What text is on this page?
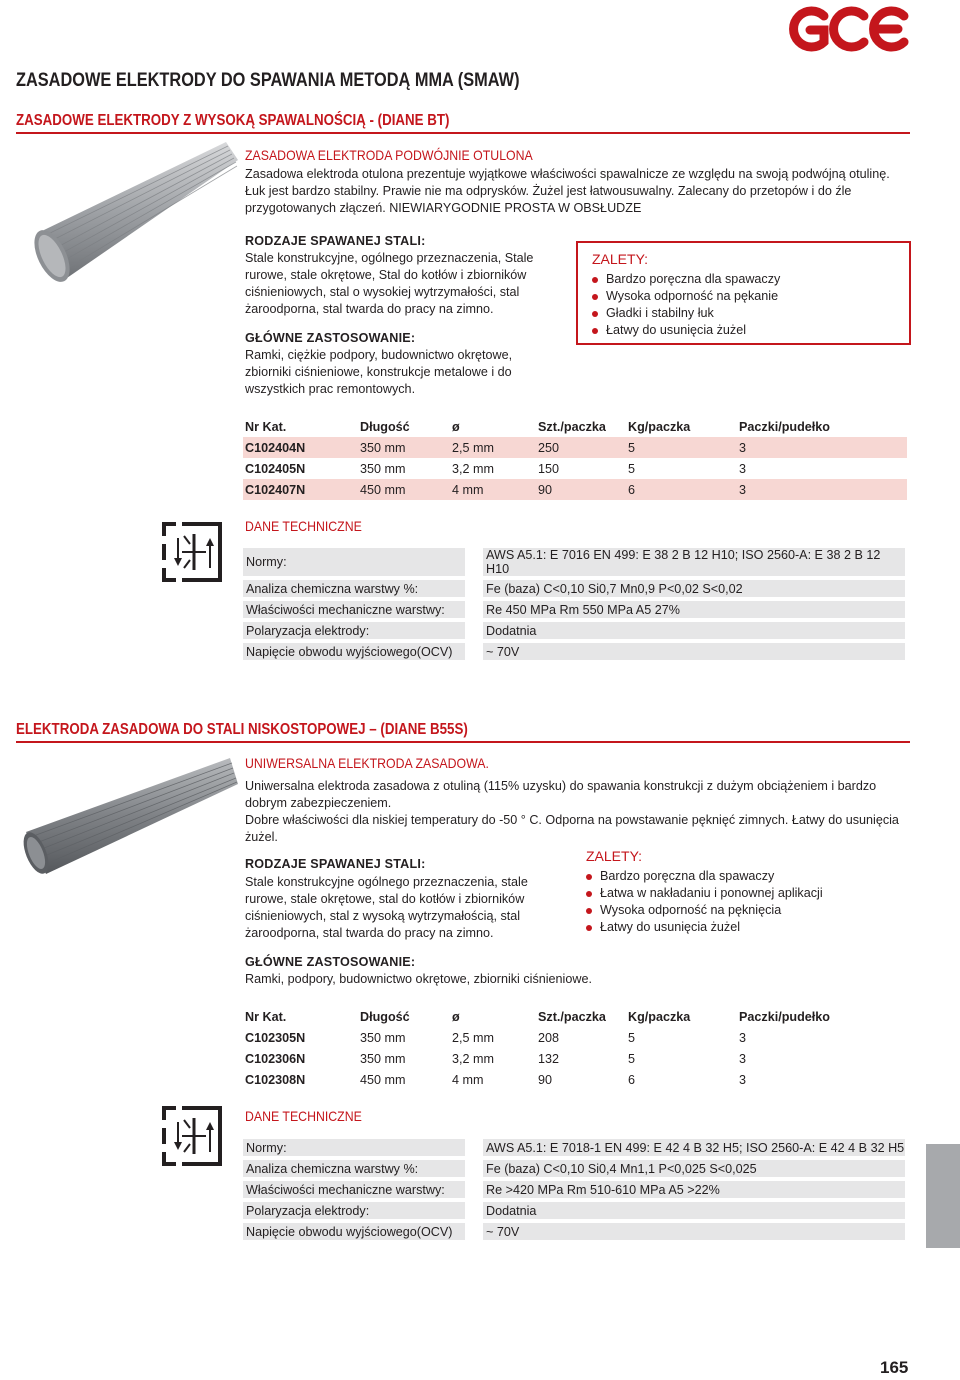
ZASADOWE ELEKTRODY DO SPAWANIA METODĄ MMA (SMAW)
ZASADOWE ELEKTRODY Z WYSOKĄ SPAWALNOŚCIĄ - (DIANE BT)
ZASADOWA ELEKTRODA PODWÓJNIE OTULONA
Zasadowa elektroda otulona prezentuje wyjątkowe właściwości spawalnicze ze względu na swoją podwójną otulinę. Łuk jest bardzo stabilny. Prawie nie ma odprysków. Żużel jest łatwousuwalny. Zalecany do przetopów i do źle przygotowanych złączeń. NIEWIARYGODNIE PROSTA W OBSŁUDZE
RODZAJE SPAWANEJ STALI:
Stale konstrukcyjne, ogólnego przeznaczenia, Stale rurowe, stale okrętowe, Stal do kotłów i zbiorników ciśnieniowych, stal o wysokiej wytrzymałości, stal żaroodporna, stal twarda do pracy na zimno.
GŁÓWNE ZASTOSOWANIE:
Ramki, ciężkie podpory, budownictwo okrętowe, zbiorniki ciśnieniowe, konstrukcje metalowe i do wszystkich prac remontowych.
ZALETY:
Bardzo poręczna dla spawaczy
Wysoka odporność na pękanie
Gładki i stabilny łuk
Łatwy do usunięcia żużel
Nr Kat.	Długość	ø	Szt./paczka	Kg/paczka	Paczki/pudełko
C102404N	350 mm	2,5 mm	250	5	3
C102405N	350 mm	3,2 mm	150	5	3
C102407N	450 mm	4 mm	90	6	3
DANE TECHNICZNE
Normy:		AWS A5.1: E 7016 EN 499: E 38 2 B 12 H10; ISO 2560-A: E 38 2 B 12 H10
Analiza chemiczna warstwy %:		Fe (baza) C<0,10 Si0,7 Mn0,9 P<0,02 S<0,02
Właściwości mechaniczne warstwy:		Re 450 MPa Rm 550 MPa A5 27%
Polaryzacja elektrody:		Dodatnia
Napięcie obwodu wyjściowego(OCV)		~ 70V
ELEKTRODA ZASADOWA DO STALI NISKOSTOPOWEJ – (DIANE B55S)
UNIWERSALNA ELEKTRODA ZASADOWA.
Uniwersalna elektroda zasadowa z otuliną (115% uzysku) do spawania konstrukcji z dużym obciążeniem i bardzo dobrym zabezpieczeniem.
Dobre właściwości dla niskiej temperatury do -50 ° C. Odporna na powstawanie pęknięć zimnych. Łatwy do usunięcia żużel.
RODZAJE SPAWANEJ STALI:
Stale konstrukcyjne ogólnego przeznaczenia, stale rurowe, stale okrętowe, stal do kotłów i zbiorników ciśnieniowych, stal z wysoką wytrzymałością, stal żaroodporna, stal twarda do pracy na zimno.
GŁÓWNE ZASTOSOWANIE:
Ramki, podpory, budownictwo okrętowe, zbiorniki ciśnieniowe.
ZALETY:
Bardzo poręczna dla spawaczy
Łatwa w nakładaniu i ponownej aplikacji
Wysoka odporność na pęknięcia
Łatwy do usunięcia żużel
Nr Kat.	Długość	ø	Szt./paczka	Kg/paczka	Paczki/pudełko
C102305N	350 mm	2,5 mm	208	5	3
C102306N	350 mm	3,2 mm	132	5	3
C102308N	450 mm	4 mm	90	6	3
DANE TECHNICZNE
Normy:		AWS A5.1: E 7018-1 EN 499: E 42 4 B 32 H5; ISO 2560-A: E 42 4 B 32 H5
Analiza chemiczna warstwy %:		Fe (baza) C<0,10 Si0,4 Mn1,1 P<0,025 S<0,025
Właściwości mechaniczne warstwy:		Re >420 MPa Rm 510-610 MPa A5 >22%
Polaryzacja elektrody:		Dodatnia
Napięcie obwodu wyjściowego(OCV)		~ 70V
165
